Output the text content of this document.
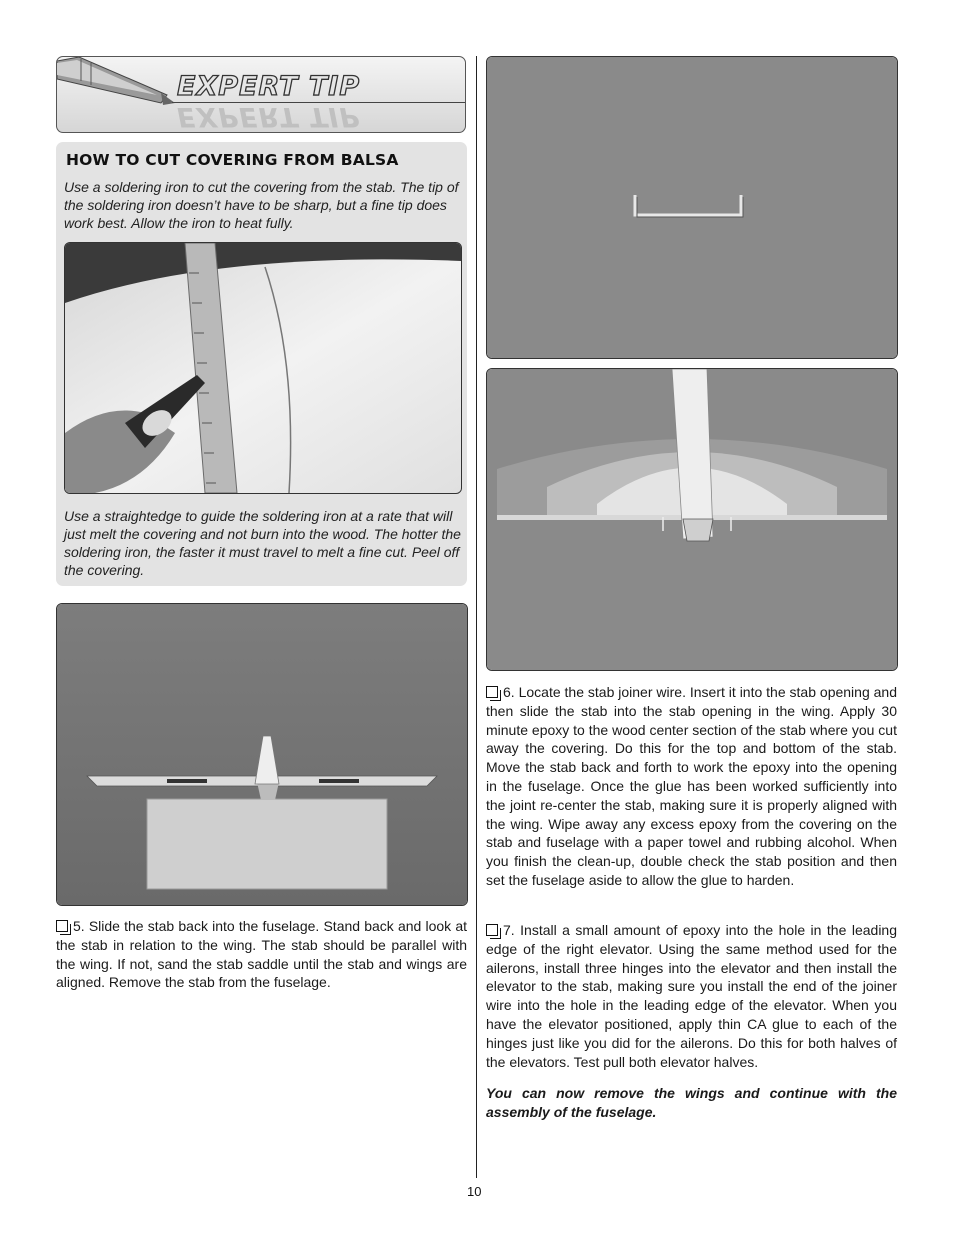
EXPERT TIP
EXPERT TIP
HOW TO CUT COVERING FROM BALSA

Use a soldering iron to cut the covering from the stab. The tip of the soldering iron doesn’t have to be sharp, but a fine tip does work best. Allow the iron to heat fully.

Use a straightedge to guide the soldering iron at a rate that will just melt the covering and not burn into the wood. The hotter the soldering iron, the faster it must travel to melt a fine cut. Peel off the covering.

5. Slide the stab back into the fuselage. Stand back and look at the stab in relation to the wing. The stab should be parallel with the wing. If not, sand the stab saddle until the stab and wings are aligned. Remove the stab from the fuselage.

6. Locate the stab joiner wire. Insert it into the stab opening and then slide the stab into the stab opening in the wing. Apply 30 minute epoxy to the wood center section of the stab where you cut away the covering. Do this for the top and bottom of the stab. Move the stab back and forth to work the epoxy into the opening in the fuselage. Once the glue has been worked sufficiently into the joint re-center the stab, making sure it is properly aligned with the wing. Wipe away any excess epoxy from the covering on the stab and fuselage with a paper towel and rubbing alcohol. When you finish the clean-up, double check the stab position and then set the fuselage aside to allow the glue to harden.

7. Install a small amount of epoxy into the hole in the leading edge of the right elevator. Using the same method used for the ailerons, install three hinges into the elevator and then install the elevator to the stab, making sure you install the end of the joiner wire into the hole in the leading edge of the elevator. When you have the elevator positioned, apply thin CA glue to each of the hinges just like you did for the ailerons. Do this for both halves of the elevators. Test pull both elevator halves.

You can now remove the wings and continue with the assembly of the fuselage.

10
